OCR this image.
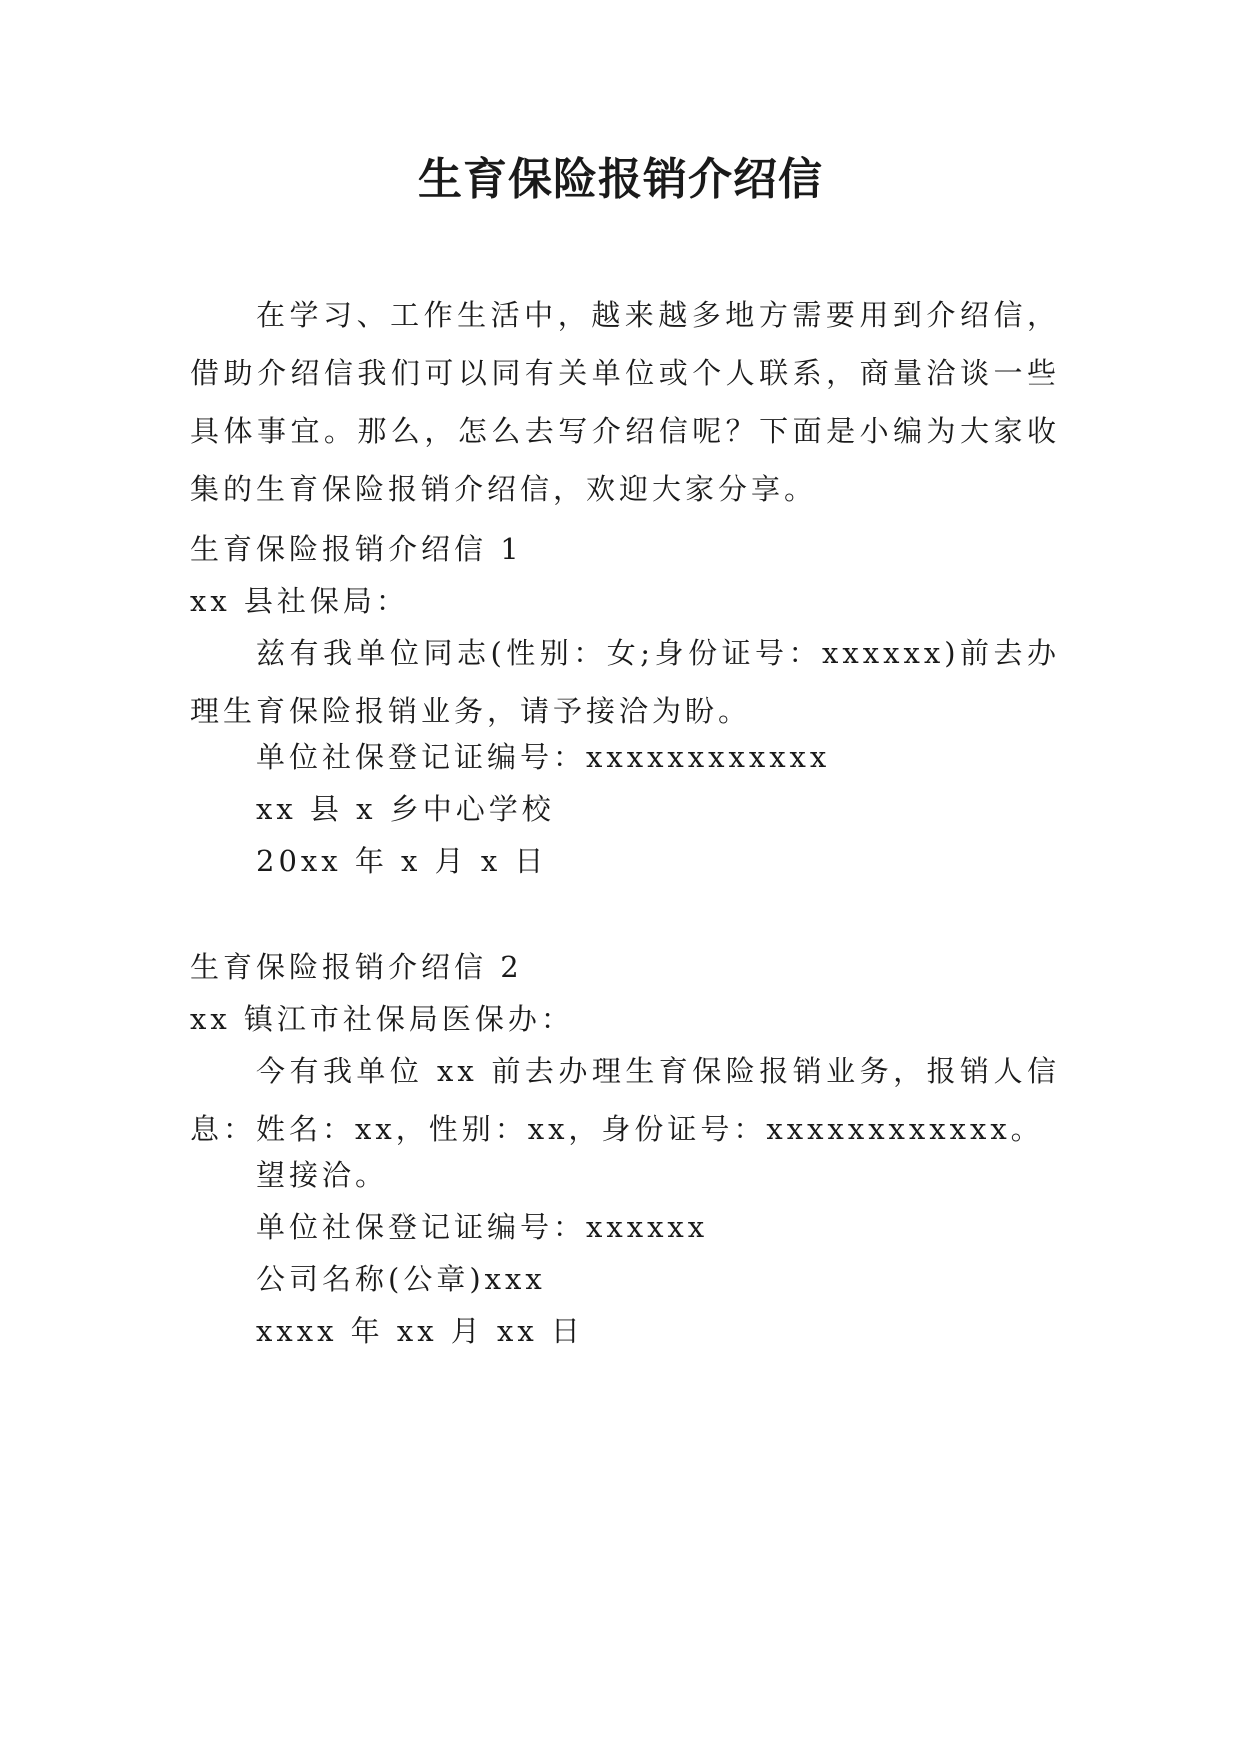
生育保险报销介绍信
在学习、工作生活中，越来越多地方需要用到介绍信，借助介绍信我们可以同有关单位或个人联系，商量洽谈一些具体事宜。那么，怎么去写介绍信呢？下面是小编为大家收集的生育保险报销介绍信，欢迎大家分享。
生育保险报销介绍信 1
xx 县社保局：
兹有我单位同志(性别：女;身份证号：xxxxxx)前去办理生育保险报销业务，请予接洽为盼。
单位社保登记证编号：xxxxxxxxxxxx
xx 县 x 乡中心学校
20xx 年 x 月 x 日
生育保险报销介绍信 2
xx 镇江市社保局医保办：
今有我单位 xx 前去办理生育保险报销业务，报销人信息：姓名：xx，性别：xx，身份证号：xxxxxxxxxxxx。
望接洽。
单位社保登记证编号：xxxxxx
公司名称(公章)xxx
xxxx 年 xx 月 xx 日
